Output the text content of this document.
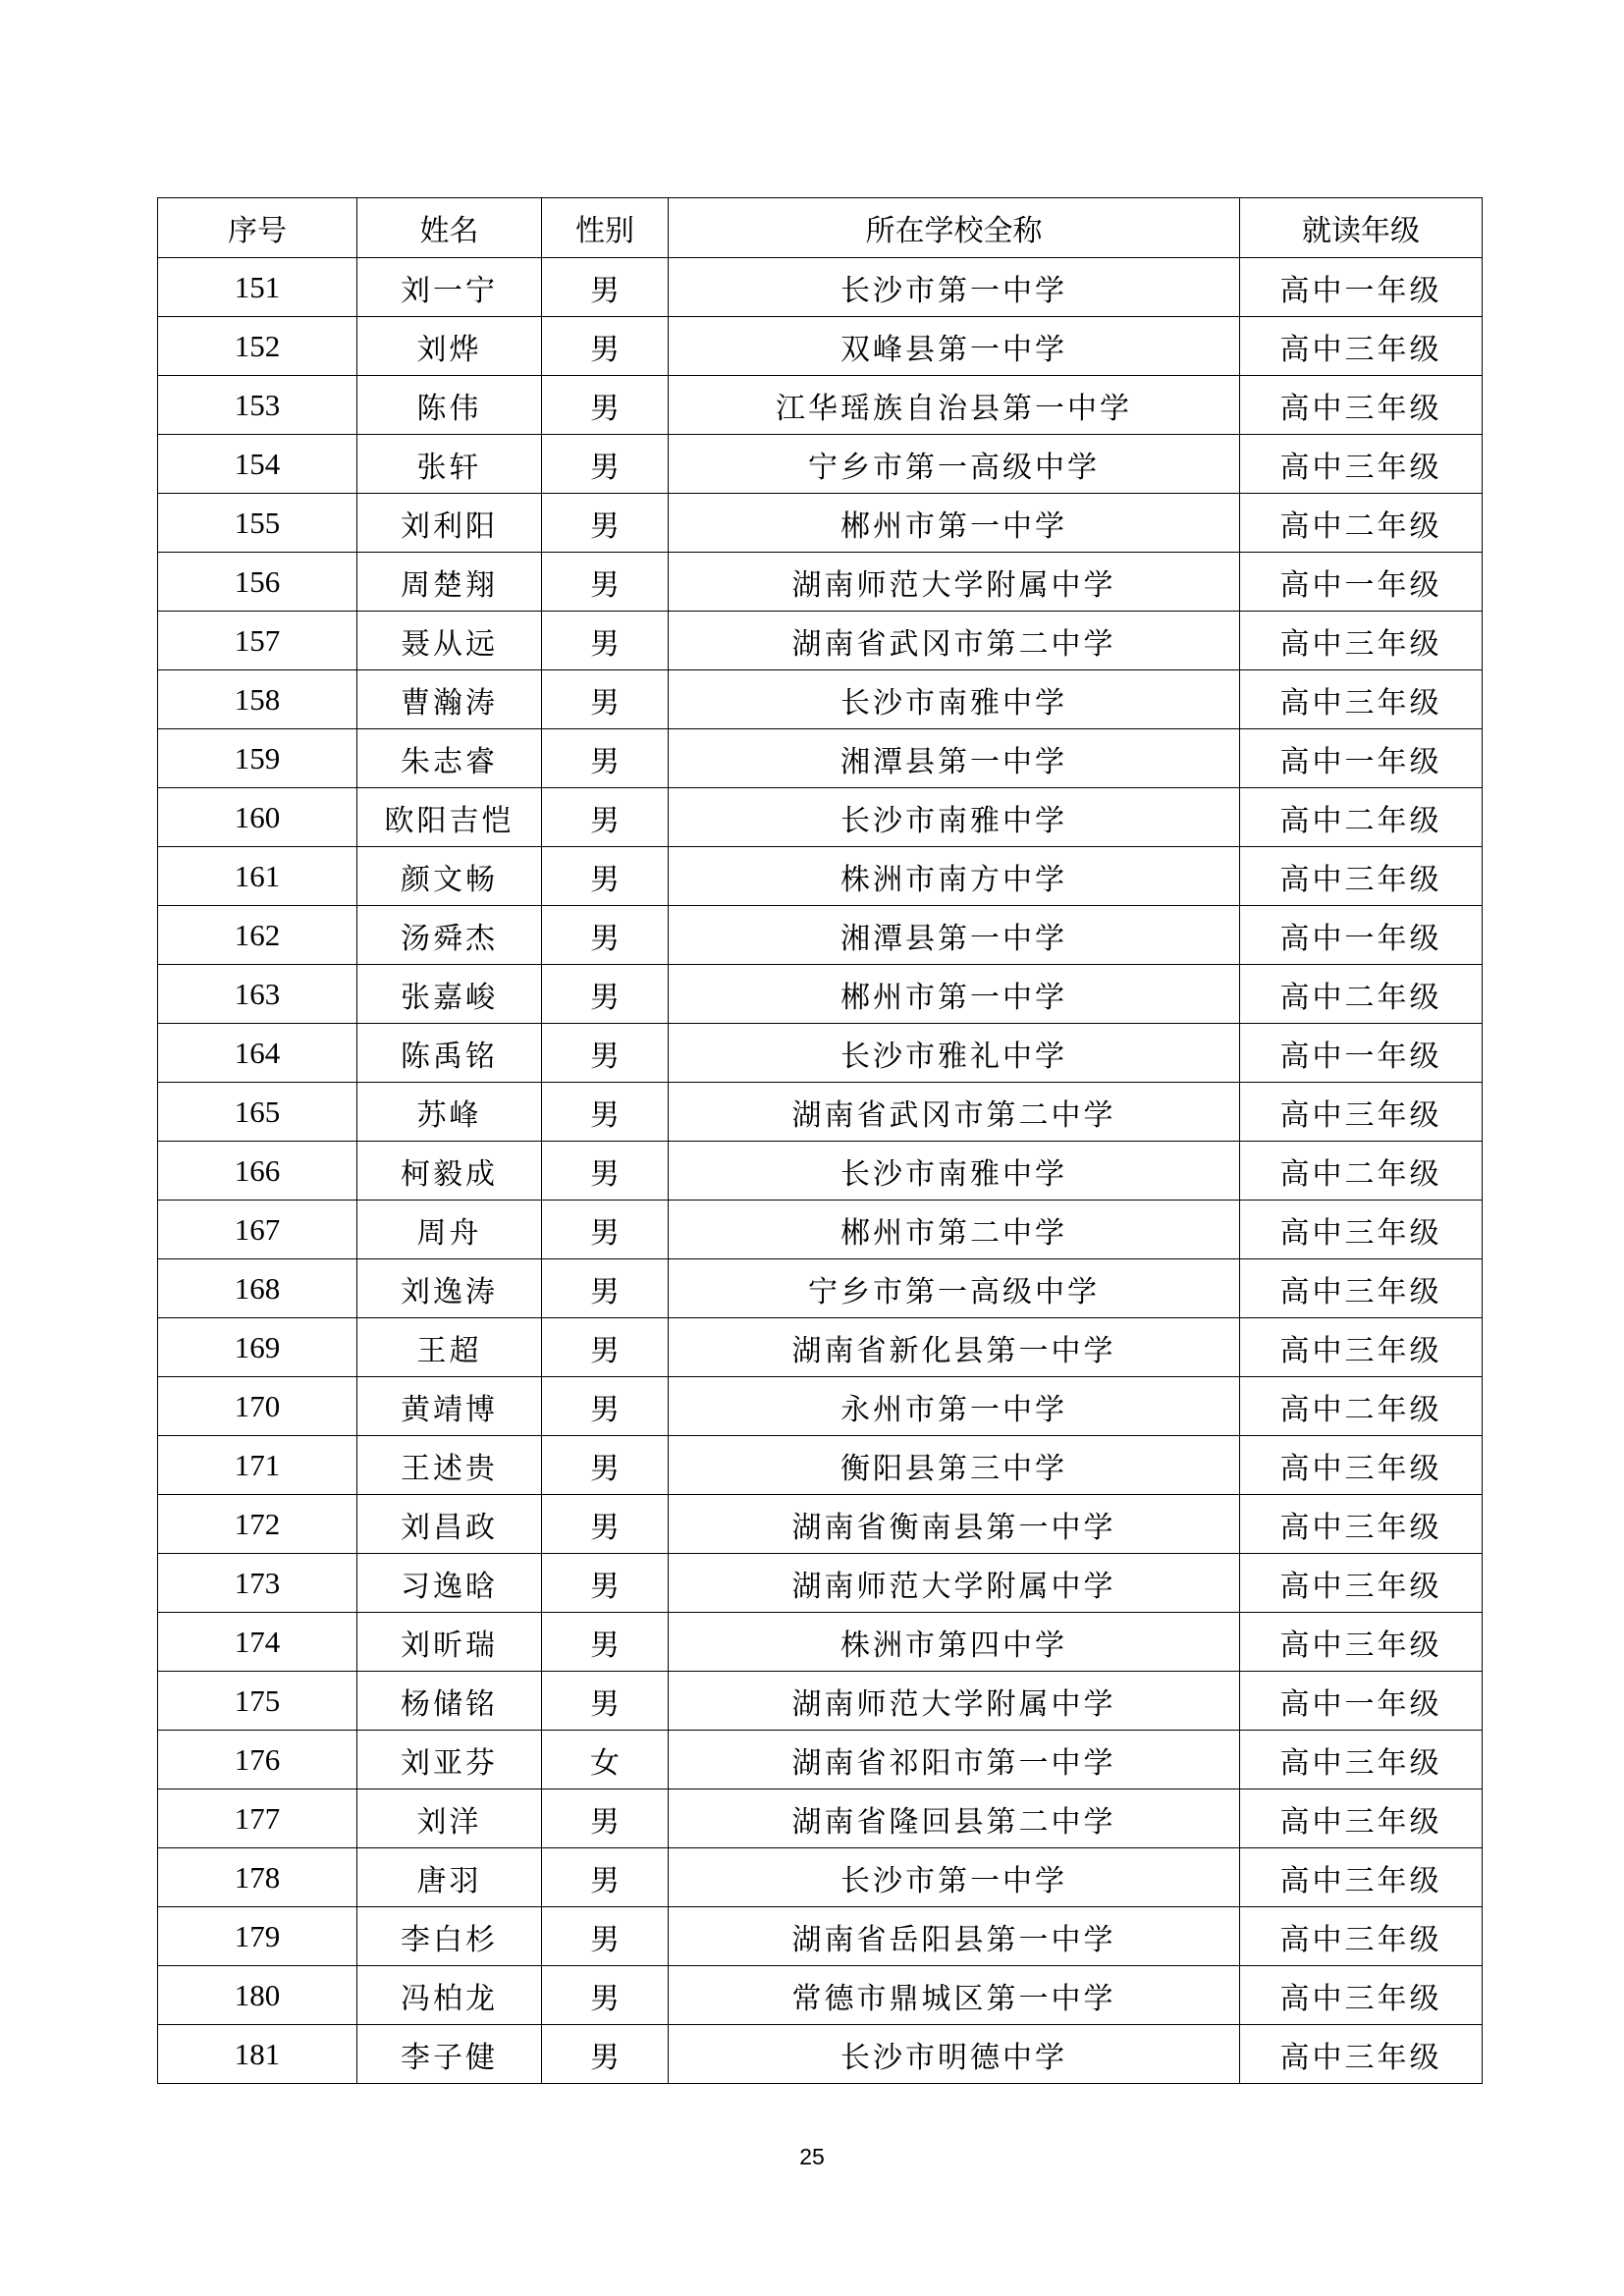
序号	姓名	性别	所在学校全称	就读年级
151	刘一宁	男	长沙市第一中学	高中一年级
152	刘烨	男	双峰县第一中学	高中三年级
153	陈伟	男	江华瑶族自治县第一中学	高中三年级
154	张轩	男	宁乡市第一高级中学	高中三年级
155	刘利阳	男	郴州市第一中学	高中二年级
156	周楚翔	男	湖南师范大学附属中学	高中一年级
157	聂从远	男	湖南省武冈市第二中学	高中三年级
158	曹瀚涛	男	长沙市南雅中学	高中三年级
159	朱志睿	男	湘潭县第一中学	高中一年级
160	欧阳吉恺	男	长沙市南雅中学	高中二年级
161	颜文畅	男	株洲市南方中学	高中三年级
162	汤舜杰	男	湘潭县第一中学	高中一年级
163	张嘉峻	男	郴州市第一中学	高中二年级
164	陈禹铭	男	长沙市雅礼中学	高中一年级
165	苏峰	男	湖南省武冈市第二中学	高中三年级
166	柯毅成	男	长沙市南雅中学	高中二年级
167	周舟	男	郴州市第二中学	高中三年级
168	刘逸涛	男	宁乡市第一高级中学	高中三年级
169	王超	男	湖南省新化县第一中学	高中三年级
170	黄靖博	男	永州市第一中学	高中二年级
171	王述贵	男	衡阳县第三中学	高中三年级
172	刘昌政	男	湖南省衡南县第一中学	高中三年级
173	习逸晗	男	湖南师范大学附属中学	高中三年级
174	刘昕瑞	男	株洲市第四中学	高中三年级
175	杨储铭	男	湖南师范大学附属中学	高中一年级
176	刘亚芬	女	湖南省祁阳市第一中学	高中三年级
177	刘洋	男	湖南省隆回县第二中学	高中三年级
178	唐羽	男	长沙市第一中学	高中三年级
179	李白杉	男	湖南省岳阳县第一中学	高中三年级
180	冯柏龙	男	常德市鼎城区第一中学	高中三年级
181	李子健	男	长沙市明德中学	高中三年级
25
